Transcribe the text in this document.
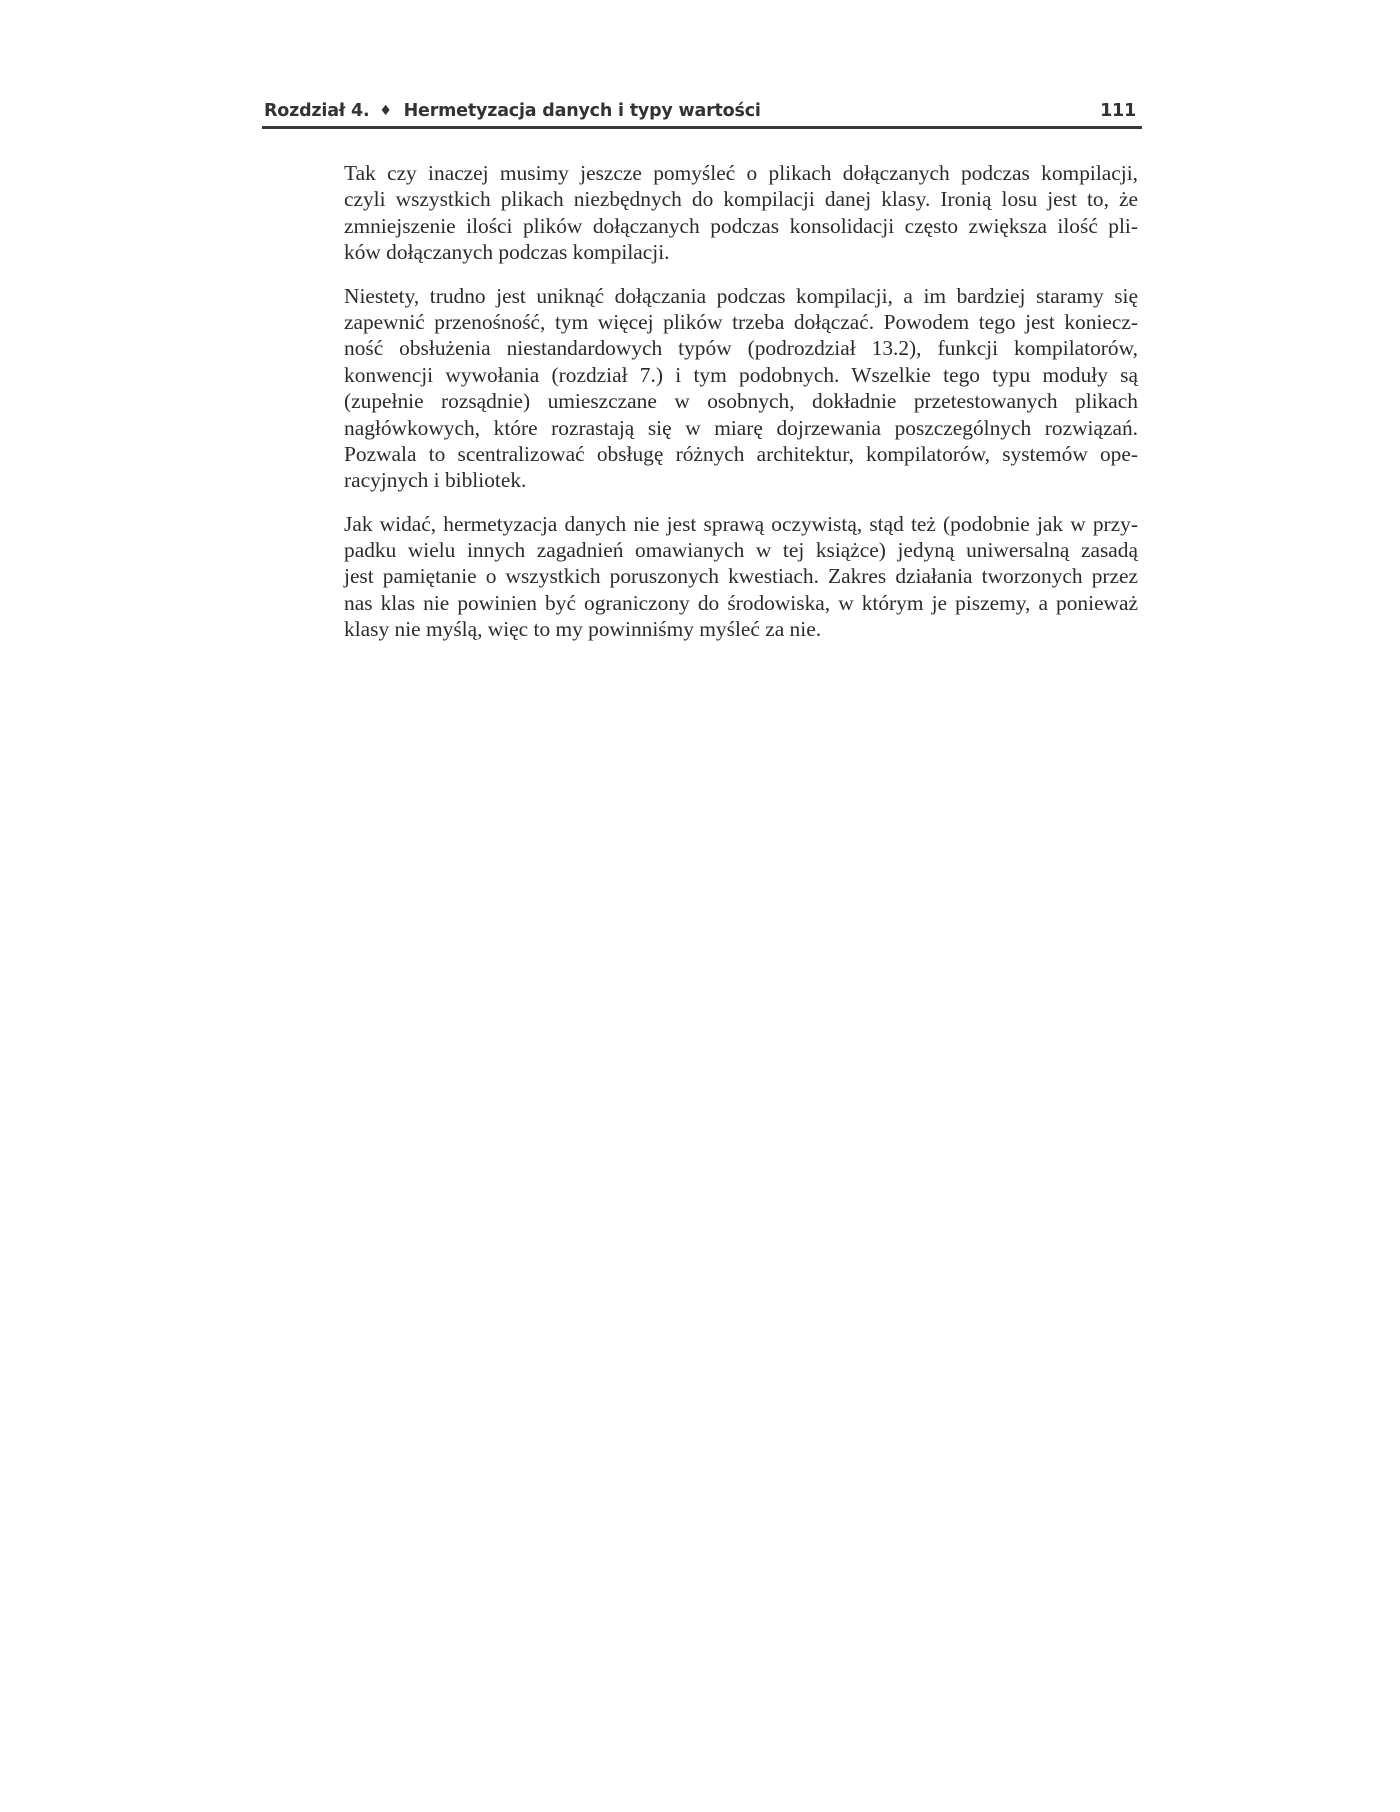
Rozdział 4. ♦ Hermetyzacja danych i typy wartości	111
Tak czy inaczej musimy jeszcze pomyśleć o plikach dołączanych podczas kompilacji,
czyli wszystkich plikach niezbędnych do kompilacji danej klasy. Ironią losu jest to, że
zmniejszenie ilości plików dołączanych podczas konsolidacji często zwiększa ilość pli-
ków dołączanych podczas kompilacji.
Niestety, trudno jest uniknąć dołączania podczas kompilacji, a im bardziej staramy się
zapewnić przenośność, tym więcej plików trzeba dołączać. Powodem tego jest koniecz-
ność obsłużenia niestandardowych typów (podrozdział 13.2), funkcji kompilatorów,
konwencji wywołania (rozdział 7.) i tym podobnych. Wszelkie tego typu moduły są
(zupełnie rozsądnie) umieszczane w osobnych, dokładnie przetestowanych plikach
nagłówkowych, które rozrastają się w miarę dojrzewania poszczególnych rozwiązań.
Pozwala to scentralizować obsługę różnych architektur, kompilatorów, systemów ope-
racyjnych i bibliotek.
Jak widać, hermetyzacja danych nie jest sprawą oczywistą, stąd też (podobnie jak w przy-
padku wielu innych zagadnień omawianych w tej książce) jedyną uniwersalną zasadą
jest pamiętanie o wszystkich poruszonych kwestiach. Zakres działania tworzonych przez
nas klas nie powinien być ograniczony do środowiska, w którym je piszemy, a ponieważ
klasy nie myślą, więc to my powinniśmy myśleć za nie.
